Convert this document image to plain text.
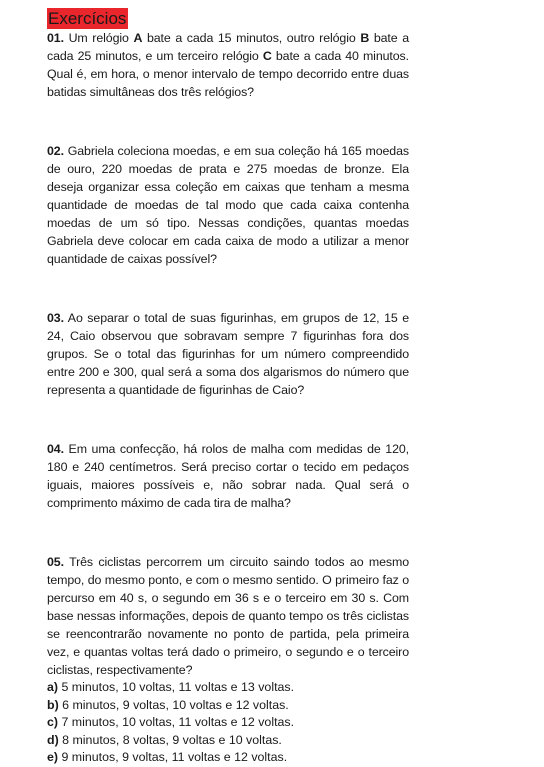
Exercícios

01. Um relógio A bate a cada 15 minutos, outro relógio B bate a cada 25 minutos, e um terceiro relógio C bate a cada 40 minutos. Qual é, em hora, o menor intervalo de tempo decorrido entre duas batidas simultâneas dos três relógios?

02. Gabriela coleciona moedas, e em sua coleção há 165 moedas de ouro, 220 moedas de prata e 275 moedas de bronze. Ela deseja organizar essa coleção em caixas que tenham a mesma quantidade de moedas de tal modo que cada caixa contenha moedas de um só tipo. Nessas condições, quantas moedas Gabriela deve colocar em cada caixa de modo a utilizar a menor quantidade de caixas possível?

03. Ao separar o total de suas figurinhas, em grupos de 12, 15 e 24, Caio observou que sobravam sempre 7 figurinhas fora dos grupos. Se o total das figurinhas for um número compreendido entre 200 e 300, qual será a soma dos algarismos do número que representa a quantidade de figurinhas de Caio?

04. Em uma confecção, há rolos de malha com medidas de 120, 180 e 240 centímetros. Será preciso cortar o tecido em pedaços iguais, maiores possíveis e, não sobrar nada. Qual será o comprimento máximo de cada tira de malha?

05. Três ciclistas percorrem um circuito saindo todos ao mesmo tempo, do mesmo ponto, e com o mesmo sentido. O primeiro faz o percurso em 40 s, o segundo em 36 s e o terceiro em 30 s. Com base nessas informações, depois de quanto tempo os três ciclistas se reencontrarão novamente no ponto de partida, pela primeira vez, e quantas voltas terá dado o primeiro, o segundo e o terceiro ciclistas, respectivamente?

a) 5 minutos, 10 voltas, 11 voltas e 13 voltas.
b) 6 minutos, 9 voltas, 10 voltas e 12 voltas.
c) 7 minutos, 10 voltas, 11 voltas e 12 voltas.
d) 8 minutos, 8 voltas, 9 voltas e 10 voltas.
e) 9 minutos, 9 voltas, 11 voltas e 12 voltas.
